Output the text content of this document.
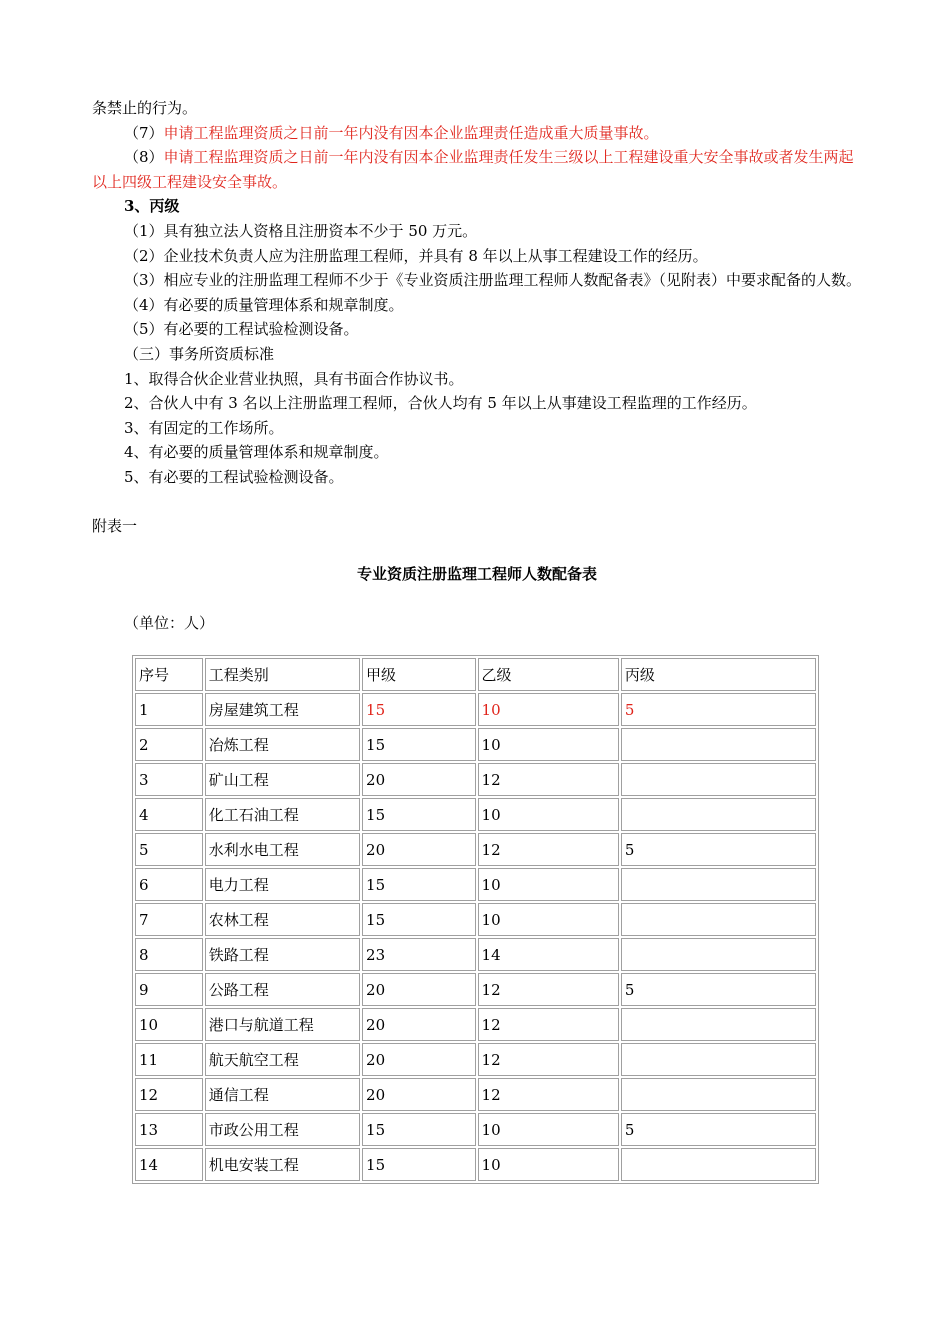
条禁止的行为。

（7）申请工程监理资质之日前一年内没有因本企业监理责任造成重大质量事故。

（8）申请工程监理资质之日前一年内没有因本企业监理责任发生三级以上工程建设重大安全事故或者发生两起以上四级工程建设安全事故。

3、丙级

（1）具有独立法人资格且注册资本不少于 50 万元。

（2）企业技术负责人应为注册监理工程师，并具有 8 年以上从事工程建设工作的经历。

（3）相应专业的注册监理工程师不少于《专业资质注册监理工程师人数配备表》（见附表）中要求配备的人数。

（4）有必要的质量管理体系和规章制度。

（5）有必要的工程试验检测设备。

（三）事务所资质标准

1、取得合伙企业营业执照，具有书面合作协议书。

2、合伙人中有 3 名以上注册监理工程师，合伙人均有 5 年以上从事建设工程监理的工作经历。

3、有固定的工作场所。

4、有必要的质量管理体系和规章制度。

5、有必要的工程试验检测设备。

附表一

专业资质注册监理工程师人数配备表

（单位：人）

序号	工程类别	甲级	乙级	丙级
1	房屋建筑工程	15	10	5
2	冶炼工程	15	10	
3	矿山工程	20	12	
4	化工石油工程	15	10	
5	水利水电工程	20	12	5
6	电力工程	15	10	
7	农林工程	15	10	
8	铁路工程	23	14	
9	公路工程	20	12	5
10	港口与航道工程	20	12	
11	航天航空工程	20	12	
12	通信工程	20	12	
13	市政公用工程	15	10	5
14	机电安装工程	15	10	
